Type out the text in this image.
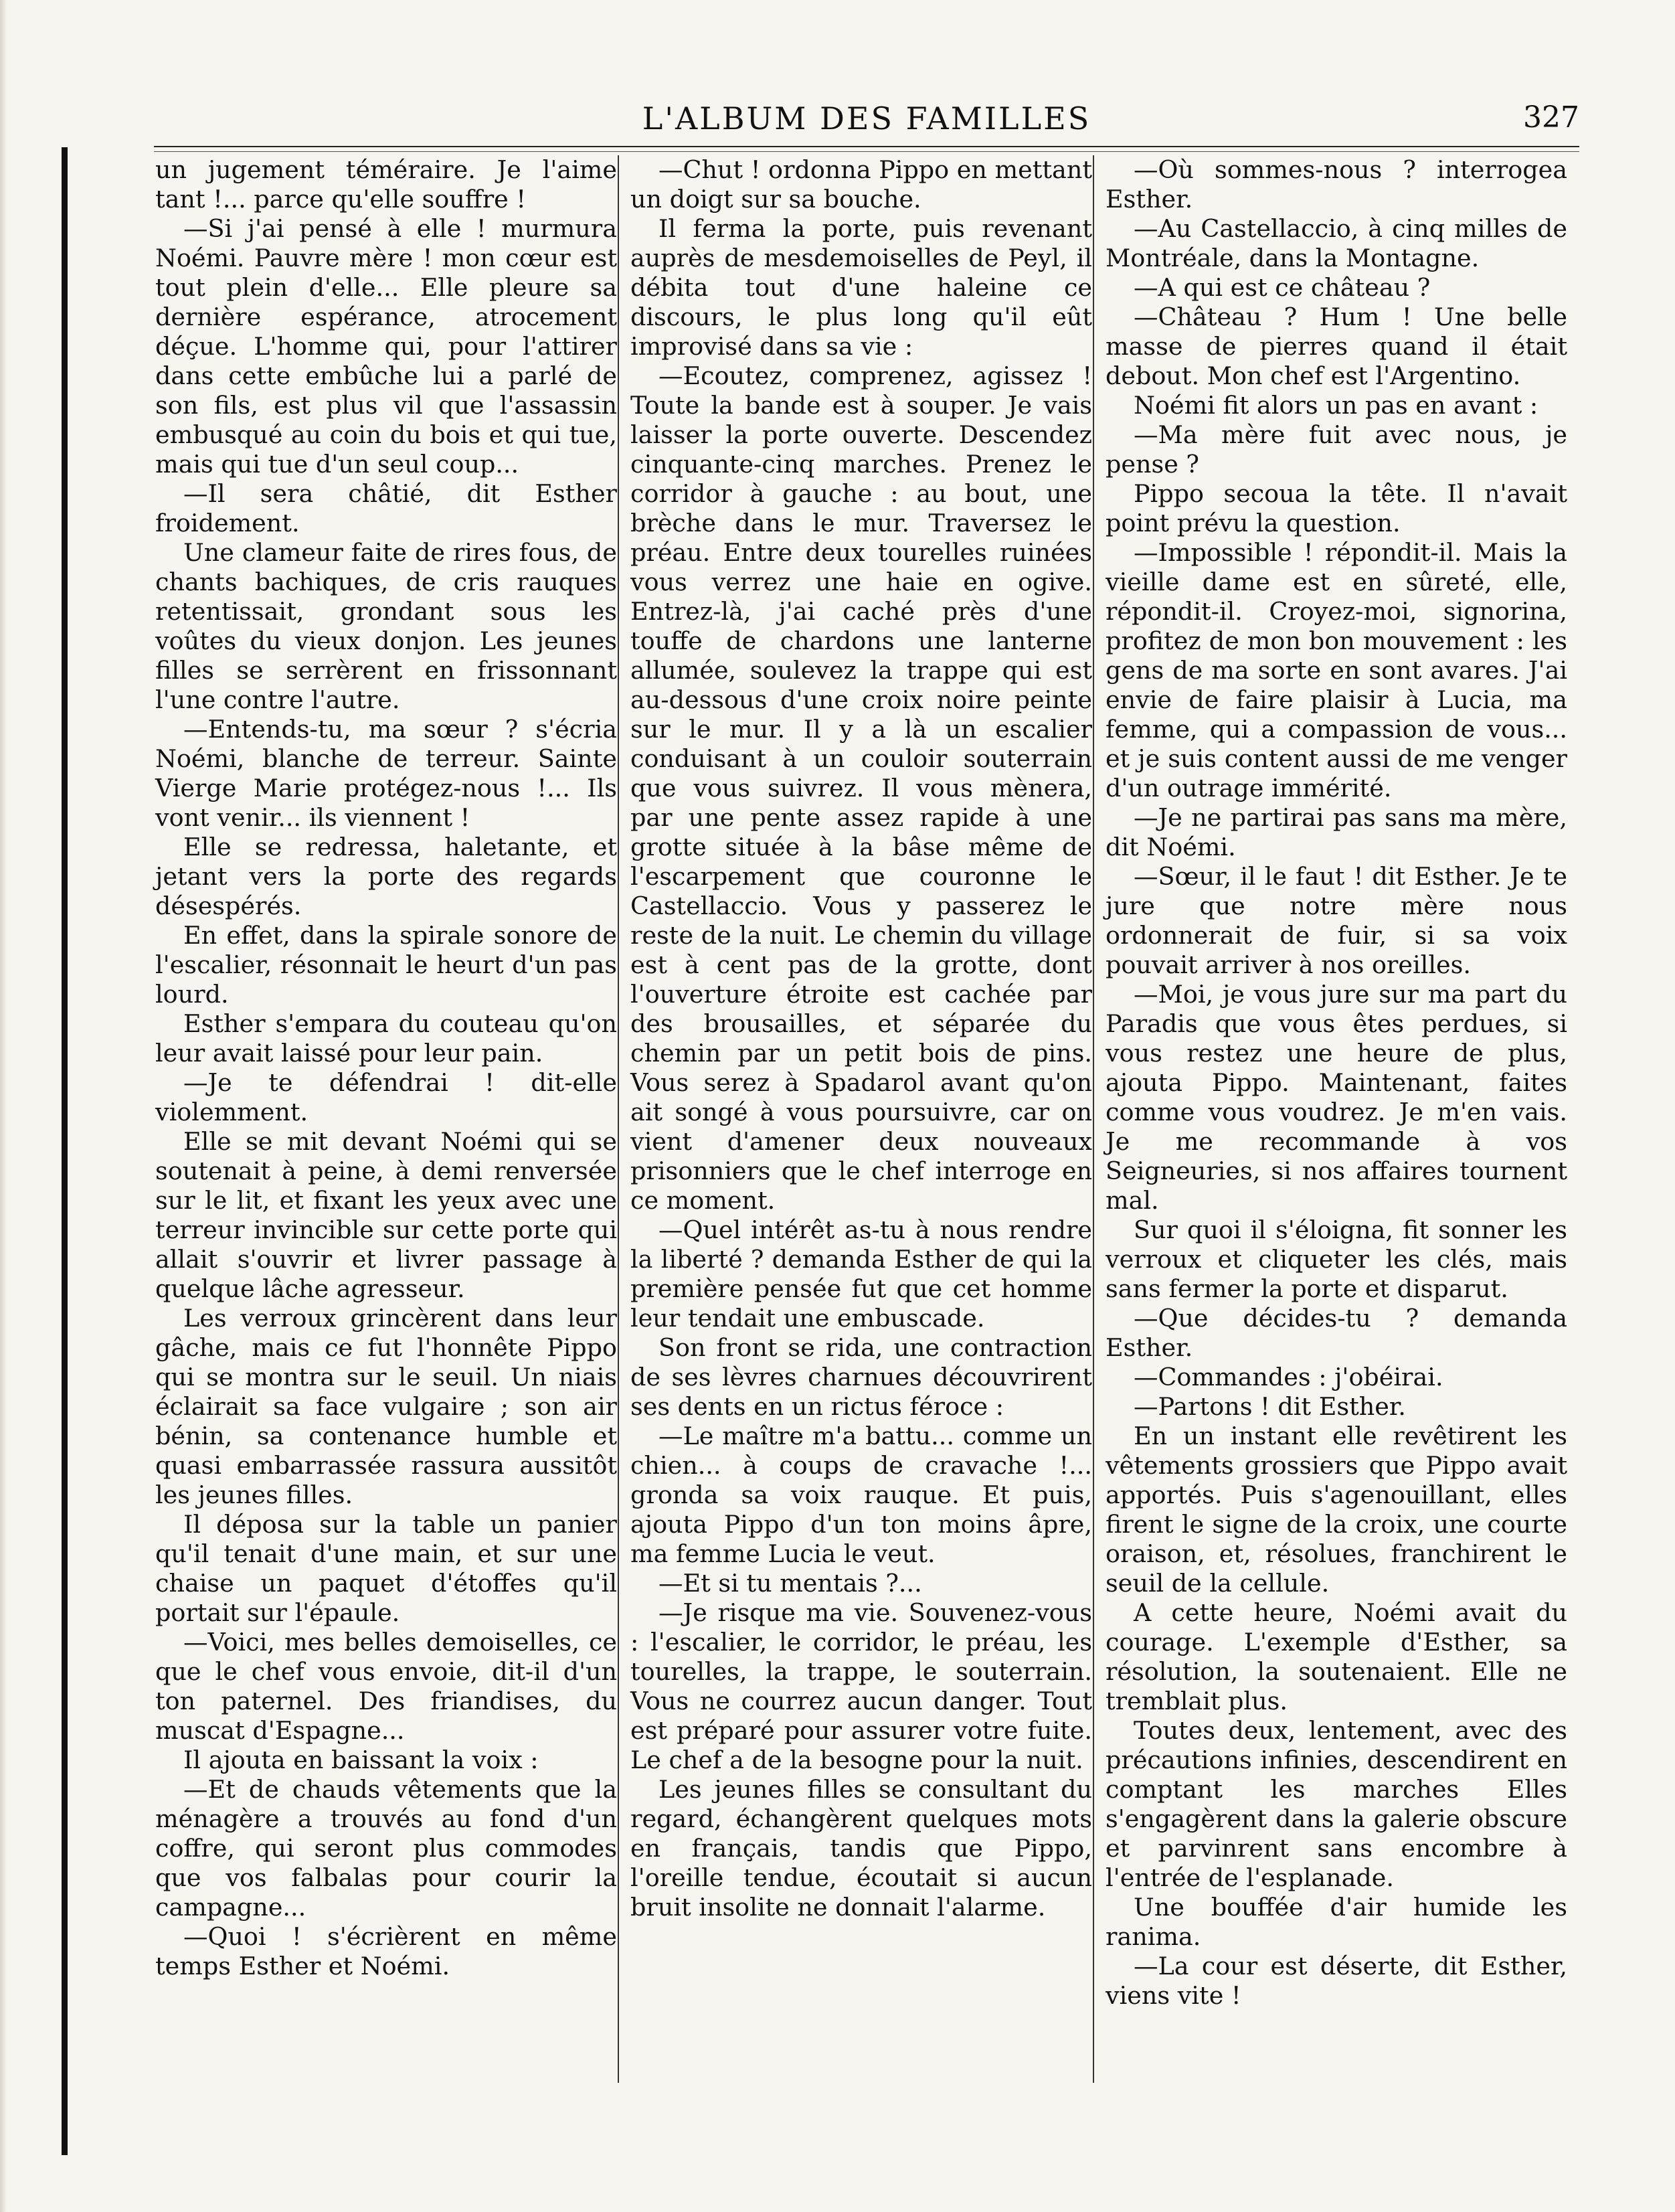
L'ALBUM DES FAMILLES	327

un jugement téméraire. Je l'aime tant !... parce qu'elle souffre !

—Si j'ai pensé à elle ! murmura Noémi. Pauvre mère ! mon cœur est tout plein d'elle... Elle pleure sa dernière espérance, atrocement déçue. L'homme qui, pour l'attirer dans cette embûche lui a parlé de son fils, est plus vil que l'assassin embusqué au coin du bois et qui tue, mais qui tue d'un seul coup...

—Il sera châtié, dit Esther froidement.

Une clameur faite de rires fous, de chants bachiques, de cris rauques retentissait, grondant sous les voûtes du vieux donjon. Les jeunes filles se serrèrent en frissonnant l'une contre l'autre.

—Entends-tu, ma sœur ? s'écria Noémi, blanche de terreur. Sainte Vierge Marie protégez-nous !... Ils vont venir... ils viennent !

Elle se redressa, haletante, et jetant vers la porte des regards désespérés.

En effet, dans la spirale sonore de l'escalier, résonnait le heurt d'un pas lourd.

Esther s'empara du couteau qu'on leur avait laissé pour leur pain.

—Je te défendrai ! dit-elle violemment.

Elle se mit devant Noémi qui se soutenait à peine, à demi renversée sur le lit, et fixant les yeux avec une terreur invincible sur cette porte qui allait s'ouvrir et livrer passage à quelque lâche agresseur.

Les verroux grincèrent dans leur gâche, mais ce fut l'honnête Pippo qui se montra sur le seuil. Un niais éclairait sa face vulgaire ; son air bénin, sa contenance humble et quasi embarrassée rassura aussitôt les jeunes filles.

Il déposa sur la table un panier qu'il tenait d'une main, et sur une chaise un paquet d'étoffes qu'il portait sur l'épaule.

—Voici, mes belles demoiselles, ce que le chef vous envoie, dit-il d'un ton paternel. Des friandises, du muscat d'Espagne...

Il ajouta en baissant la voix :

—Et de chauds vêtements que la ménagère a trouvés au fond d'un coffre, qui seront plus commodes que vos falbalas pour courir la campagne...

—Quoi ! s'écrièrent en même temps Esther et Noémi.

—Chut ! ordonna Pippo en mettant un doigt sur sa bouche.

Il ferma la porte, puis revenant auprès de mesdemoiselles de Peyl, il débita tout d'une haleine ce discours, le plus long qu'il eût improvisé dans sa vie :

—Ecoutez, comprenez, agissez ! Toute la bande est à souper. Je vais laisser la porte ouverte. Descendez cinquante-cinq marches. Prenez le corridor à gauche : au bout, une brèche dans le mur. Traversez le préau. Entre deux tourelles ruinées vous verrez une haie en ogive. Entrez-là, j'ai caché près d'une touffe de chardons une lanterne allumée, soulevez la trappe qui est au-dessous d'une croix noire peinte sur le mur. Il y a là un escalier conduisant à un couloir souterrain que vous suivrez. Il vous mènera, par une pente assez rapide à une grotte située à la bâse même de l'escarpement que couronne le Castellaccio. Vous y passerez le reste de la nuit. Le chemin du village est à cent pas de la grotte, dont l'ouverture étroite est cachée par des brousailles, et séparée du chemin par un petit bois de pins. Vous serez à Spadarol avant qu'on ait songé à vous poursuivre, car on vient d'amener deux nouveaux prisonniers que le chef interroge en ce moment.

—Quel intérêt as-tu à nous rendre la liberté ? demanda Esther de qui la première pensée fut que cet homme leur tendait une embuscade.

Son front se rida, une contraction de ses lèvres charnues découvrirent ses dents en un rictus féroce :

—Le maître m'a battu... comme un chien... à coups de cravache !... gronda sa voix rauque. Et puis, ajouta Pippo d'un ton moins âpre, ma femme Lucia le veut.

—Et si tu mentais ?...

—Je risque ma vie. Souvenez-vous : l'escalier, le corridor, le préau, les tourelles, la trappe, le souterrain. Vous ne courrez aucun danger. Tout est préparé pour assurer votre fuite. Le chef a de la besogne pour la nuit.

Les jeunes filles se consultant du regard, échangèrent quelques mots en français, tandis que Pippo, l'oreille tendue, écoutait si aucun bruit insolite ne donnait l'alarme.

—Où sommes-nous ? interrogea Esther.

—Au Castellaccio, à cinq milles de Montréale, dans la Montagne.

—A qui est ce château ?

—Château ? Hum ! Une belle masse de pierres quand il était debout. Mon chef est l'Argentino.

Noémi fit alors un pas en avant :

—Ma mère fuit avec nous, je pense ?

Pippo secoua la tête. Il n'avait point prévu la question.

—Impossible ! répondit-il. Mais la vieille dame est en sûreté, elle, répondit-il. Croyez-moi, signorina, profitez de mon bon mouvement : les gens de ma sorte en sont avares. J'ai envie de faire plaisir à Lucia, ma femme, qui a compassion de vous... et je suis content aussi de me venger d'un outrage immérité.

—Je ne partirai pas sans ma mère, dit Noémi.

—Sœur, il le faut ! dit Esther. Je te jure que notre mère nous ordonnerait de fuir, si sa voix pouvait arriver à nos oreilles.

—Moi, je vous jure sur ma part du Paradis que vous êtes perdues, si vous restez une heure de plus, ajouta Pippo. Maintenant, faites comme vous voudrez. Je m'en vais. Je me recommande à vos Seigneuries, si nos affaires tournent mal.

Sur quoi il s'éloigna, fit sonner les verroux et cliqueter les clés, mais sans fermer la porte et disparut.

—Que décides-tu ? demanda Esther.

—Commandes : j'obéirai.

—Partons ! dit Esther.

En un instant elle revêtirent les vêtements grossiers que Pippo avait apportés. Puis s'agenouillant, elles firent le signe de la croix, une courte oraison, et, résolues, franchirent le seuil de la cellule.

A cette heure, Noémi avait du courage. L'exemple d'Esther, sa résolution, la soutenaient. Elle ne tremblait plus.

Toutes deux, lentement, avec des précautions infinies, descendirent en comptant les marches Elles s'engagèrent dans la galerie obscure et parvinrent sans encombre à l'entrée de l'esplanade.

Une bouffée d'air humide les ranima.

—La cour est déserte, dit Esther, viens vite !
